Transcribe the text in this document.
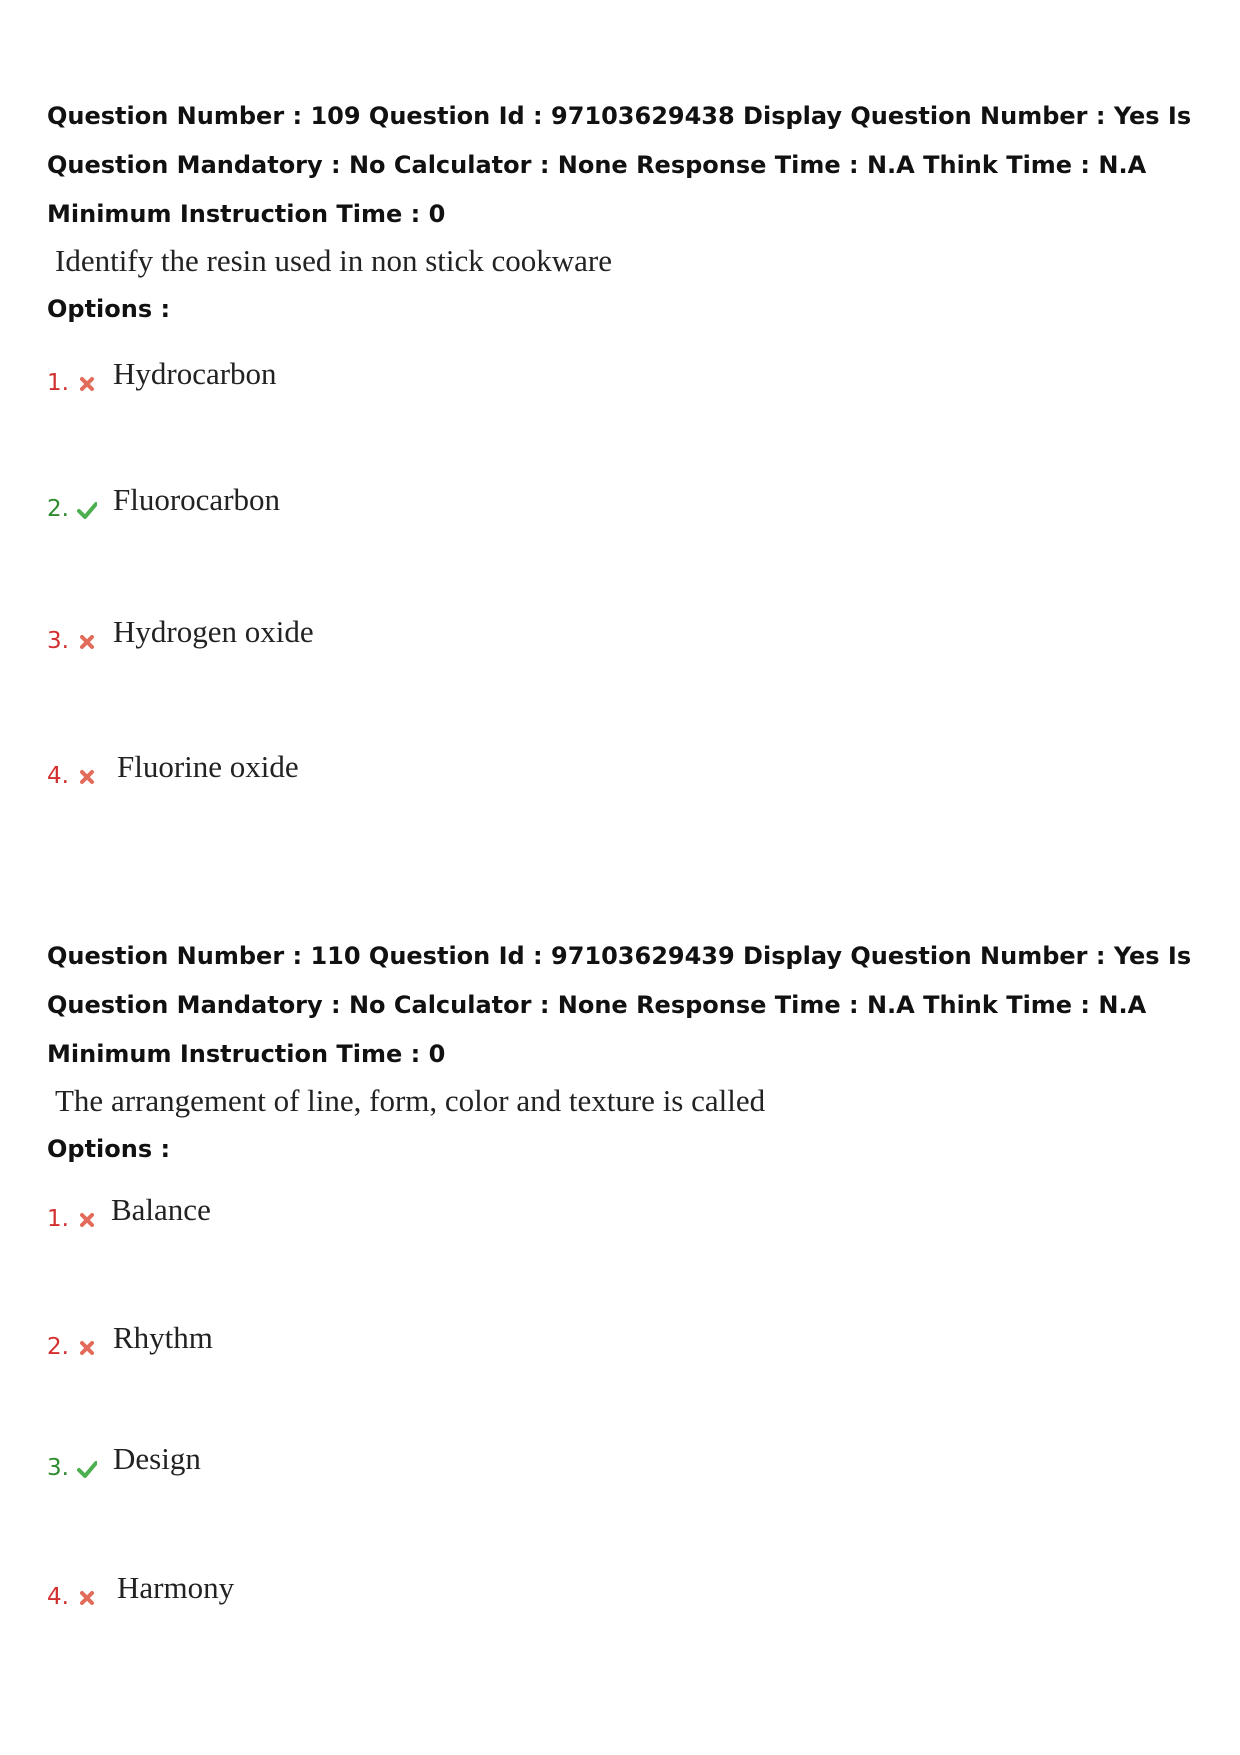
Question Number : 109 Question Id : 97103629438 Display Question Number : Yes Is Question Mandatory : No Calculator : None Response Time : N.A Think Time : N.A Minimum Instruction Time : 0

Identify the resin used in non stick cookware

Options :
1. Hydrocarbon
2. Fluorocarbon
3. Hydrogen oxide
4. Fluorine oxide

Question Number : 110 Question Id : 97103629439 Display Question Number : Yes Is Question Mandatory : No Calculator : None Response Time : N.A Think Time : N.A Minimum Instruction Time : 0

The arrangement of line, form, color and texture is called

Options :
1. Balance
2. Rhythm
3. Design
4. Harmony
